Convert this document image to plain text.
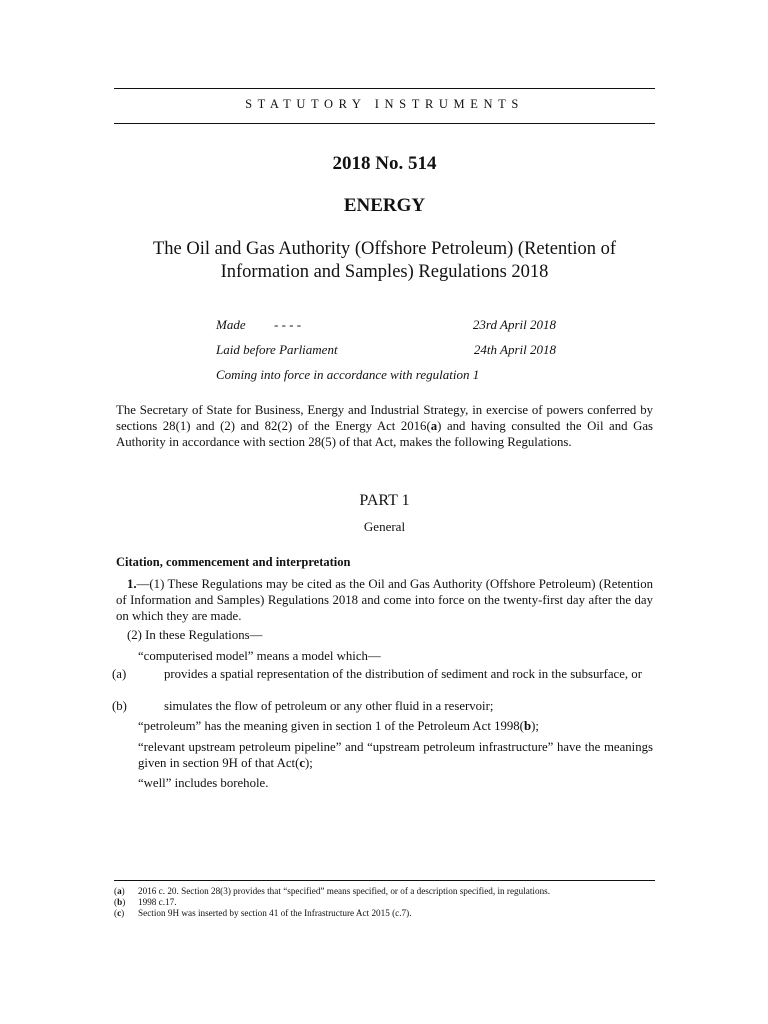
STATUTORY INSTRUMENTS
2018 No. 514
ENERGY
The Oil and Gas Authority (Offshore Petroleum) (Retention of
Information and Samples) Regulations 2018
Made - - - -	23rd April 2018
Laid before Parliament	24th April 2018
Coming into force in accordance with regulation 1
The Secretary of State for Business, Energy and Industrial Strategy, in exercise of powers conferred by sections 28(1) and (2) and 82(2) of the Energy Act 2016(a) and having consulted the Oil and Gas Authority in accordance with section 28(5) of that Act, makes the following Regulations.
PART 1
General
Citation, commencement and interpretation
1.—(1) These Regulations may be cited as the Oil and Gas Authority (Offshore Petroleum) (Retention of Information and Samples) Regulations 2018 and come into force on the twenty-first day after the day on which they are made.
(2) In these Regulations—
“computerised model” means a model which—
(a)	provides a spatial representation of the distribution of sediment and rock in the subsurface, or
(b)	simulates the flow of petroleum or any other fluid in a reservoir;
“petroleum” has the meaning given in section 1 of the Petroleum Act 1998(b);
“relevant upstream petroleum pipeline” and “upstream petroleum infrastructure” have the meanings given in section 9H of that Act(c);
“well” includes borehole.
(a) 2016 c. 20. Section 28(3) provides that “specified” means specified, or of a description specified, in regulations.
(b) 1998 c.17.
(c) Section 9H was inserted by section 41 of the Infrastructure Act 2015 (c.7).
